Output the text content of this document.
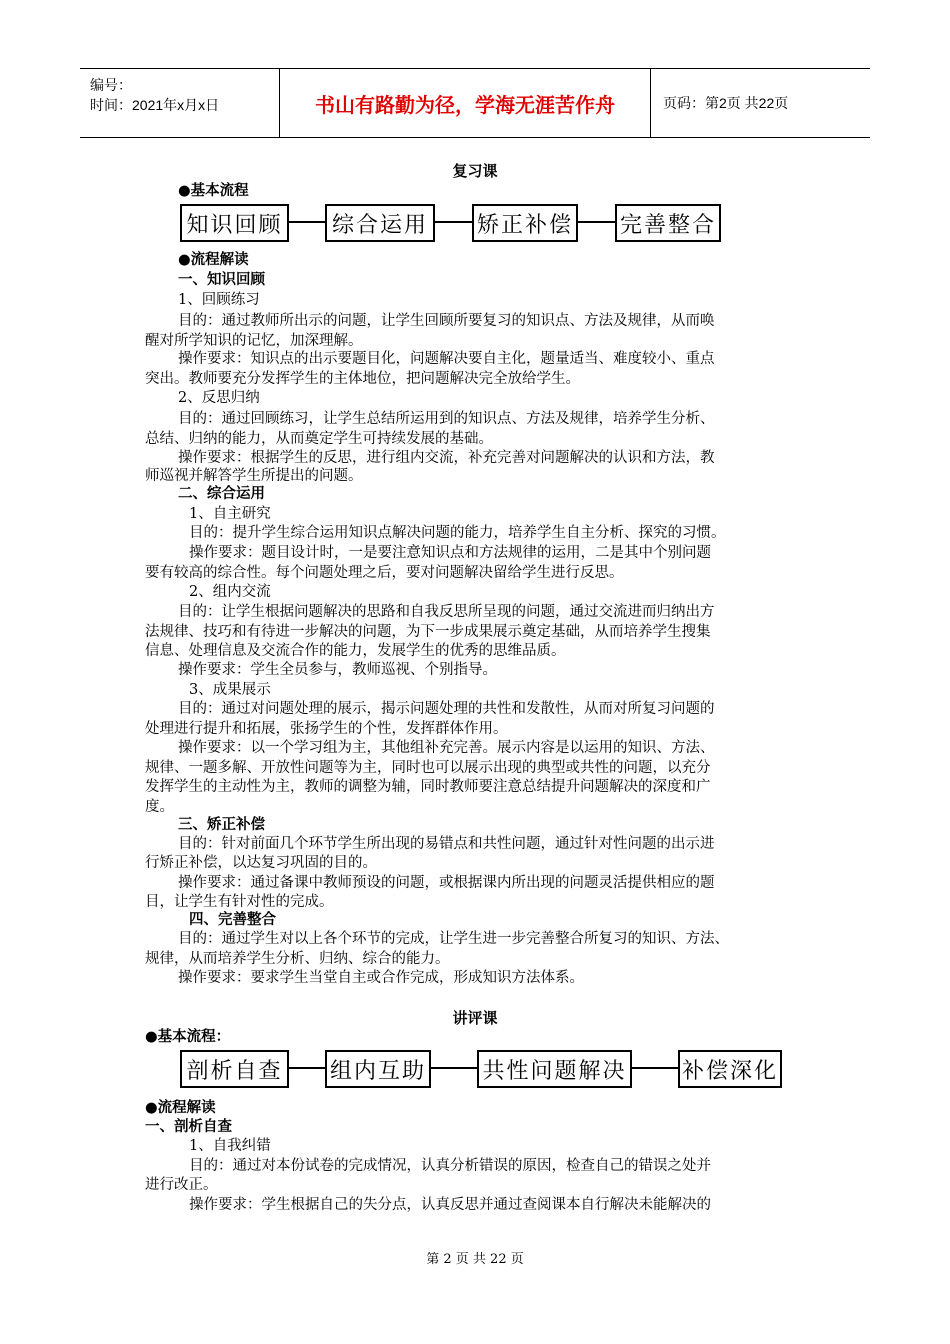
编号：
时间：2021年x月x日	书山有路勤为径，学海无涯苦作舟	页码：第2页 共22页
复习课
●基本流程
知识回顾	综合运用	矫正补偿 完善整合
●流程解读
一、知识回顾
1、回顾练习
目的：通过教师所出示的问题，让学生回顾所要复习的知识点、方法及规律，从而唤
醒对所学知识的记忆，加深理解。
操作要求：知识点的出示要题目化，问题解决要自主化，题量适当、难度较小、重点
突出。教师要充分发挥学生的主体地位，把问题解决完全放给学生。
2、反思归纳
目的：通过回顾练习，让学生总结所运用到的知识点、方法及规律，培养学生分析、
总结、归纳的能力，从而奠定学生可持续发展的基础。
操作要求：根据学生的反思，进行组内交流，补充完善对问题解决的认识和方法，教
师巡视并解答学生所提出的问题。
二、综合运用
1、自主研究
目的：提升学生综合运用知识点解决问题的能力，培养学生自主分析、探究的习惯。
操作要求：题目设计时，一是要注意知识点和方法规律的运用，二是其中个别问题
要有较高的综合性。每个问题处理之后，要对问题解决留给学生进行反思。
2、组内交流
目的：让学生根据问题解决的思路和自我反思所呈现的问题，通过交流进而归纳出方
法规律、技巧和有待进一步解决的问题，为下一步成果展示奠定基础，从而培养学生搜集
信息、处理信息及交流合作的能力，发展学生的优秀的思维品质。
操作要求：学生全员参与，教师巡视、个别指导。
3、成果展示
目的：通过对问题处理的展示，揭示问题处理的共性和发散性，从而对所复习问题的
处理进行提升和拓展，张扬学生的个性，发挥群体作用。
操作要求：以一个学习组为主，其他组补充完善。展示内容是以运用的知识、方法、
规律、一题多解、开放性问题等为主，同时也可以展示出现的典型或共性的问题，以充分
发挥学生的主动性为主，教师的调整为辅，同时教师要注意总结提升问题解决的深度和广
度。
三、矫正补偿
目的：针对前面几个环节学生所出现的易错点和共性问题，通过针对性问题的出示进
行矫正补偿，以达复习巩固的目的。
操作要求：通过备课中教师预设的问题，或根据课内所出现的问题灵活提供相应的题
目，让学生有针对性的完成。
四、完善整合
目的：通过学生对以上各个环节的完成，让学生进一步完善整合所复习的知识、方法、
规律，从而培养学生分析、归纳、综合的能力。
操作要求：要求学生当堂自主或合作完成，形成知识方法体系。
讲评课
●基本流程：
剖析自查 组内互助	共性问题解决	补偿深化
●流程解读
一、剖析自查
1、自我纠错
目的：通过对本份试卷的完成情况，认真分析错误的原因，检查自己的错误之处并
进行改正。
操作要求：学生根据自己的失分点，认真反思并通过查阅课本自行解决未能解决的
第 2 页 共 22 页
